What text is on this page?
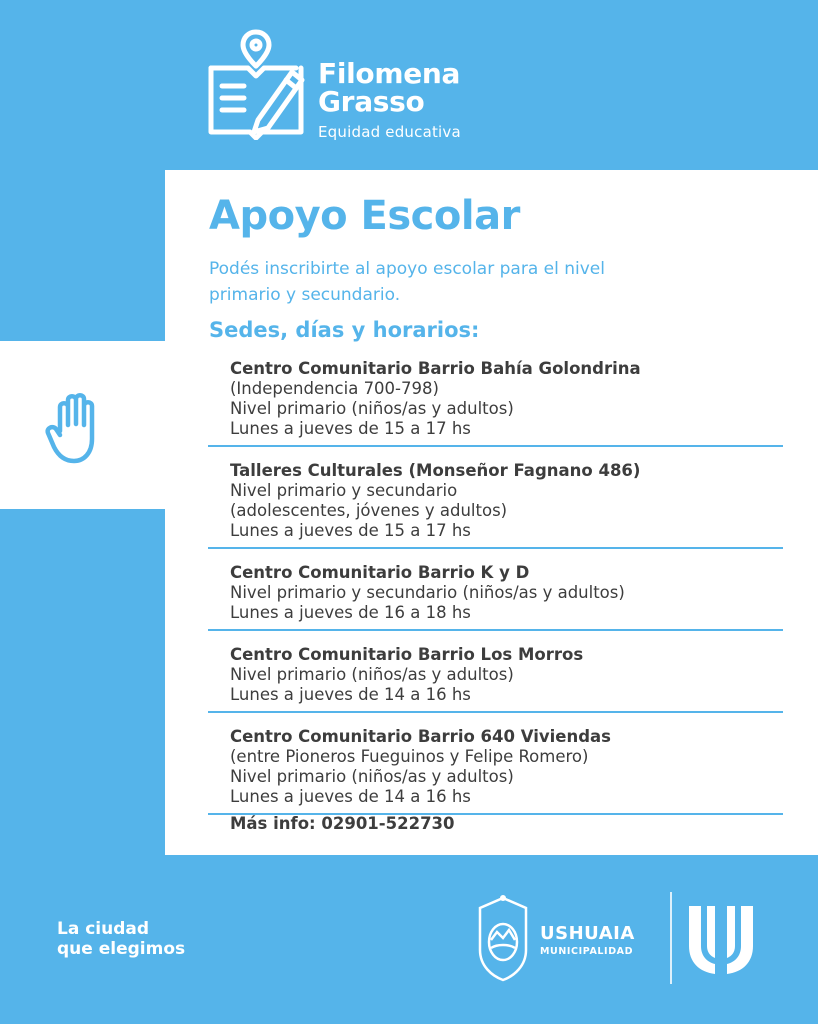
Filomena
Grasso
Equidad educativa
Apoyo Escolar

Podés inscribirte al apoyo escolar para el nivel primario y secundario.

Sedes, días y horarios:
Centro Comunitario Barrio Bahía Golondrina
(Independencia 700-798)
Nivel primario (niños/as y adultos)
Lunes a jueves de 15 a 17 hs
Talleres Culturales (Monseñor Fagnano 486)
Nivel primario y secundario
(adolescentes, jóvenes y adultos)
Lunes a jueves de 15 a 17 hs
Centro Comunitario Barrio K y D
Nivel primario y secundario (niños/as y adultos)
Lunes a jueves de 16 a 18 hs
Centro Comunitario Barrio Los Morros
Nivel primario (niños/as y adultos)
Lunes a jueves de 14 a 16 hs
Centro Comunitario Barrio 640 Viviendas
(entre Pioneros Fueguinos y Felipe Romero)
Nivel primario (niños/as y adultos)
Lunes a jueves de 14 a 16 hs
Más info: 02901-522730
La ciudad
que elegimos
USHUAIA
MUNICIPALIDAD
